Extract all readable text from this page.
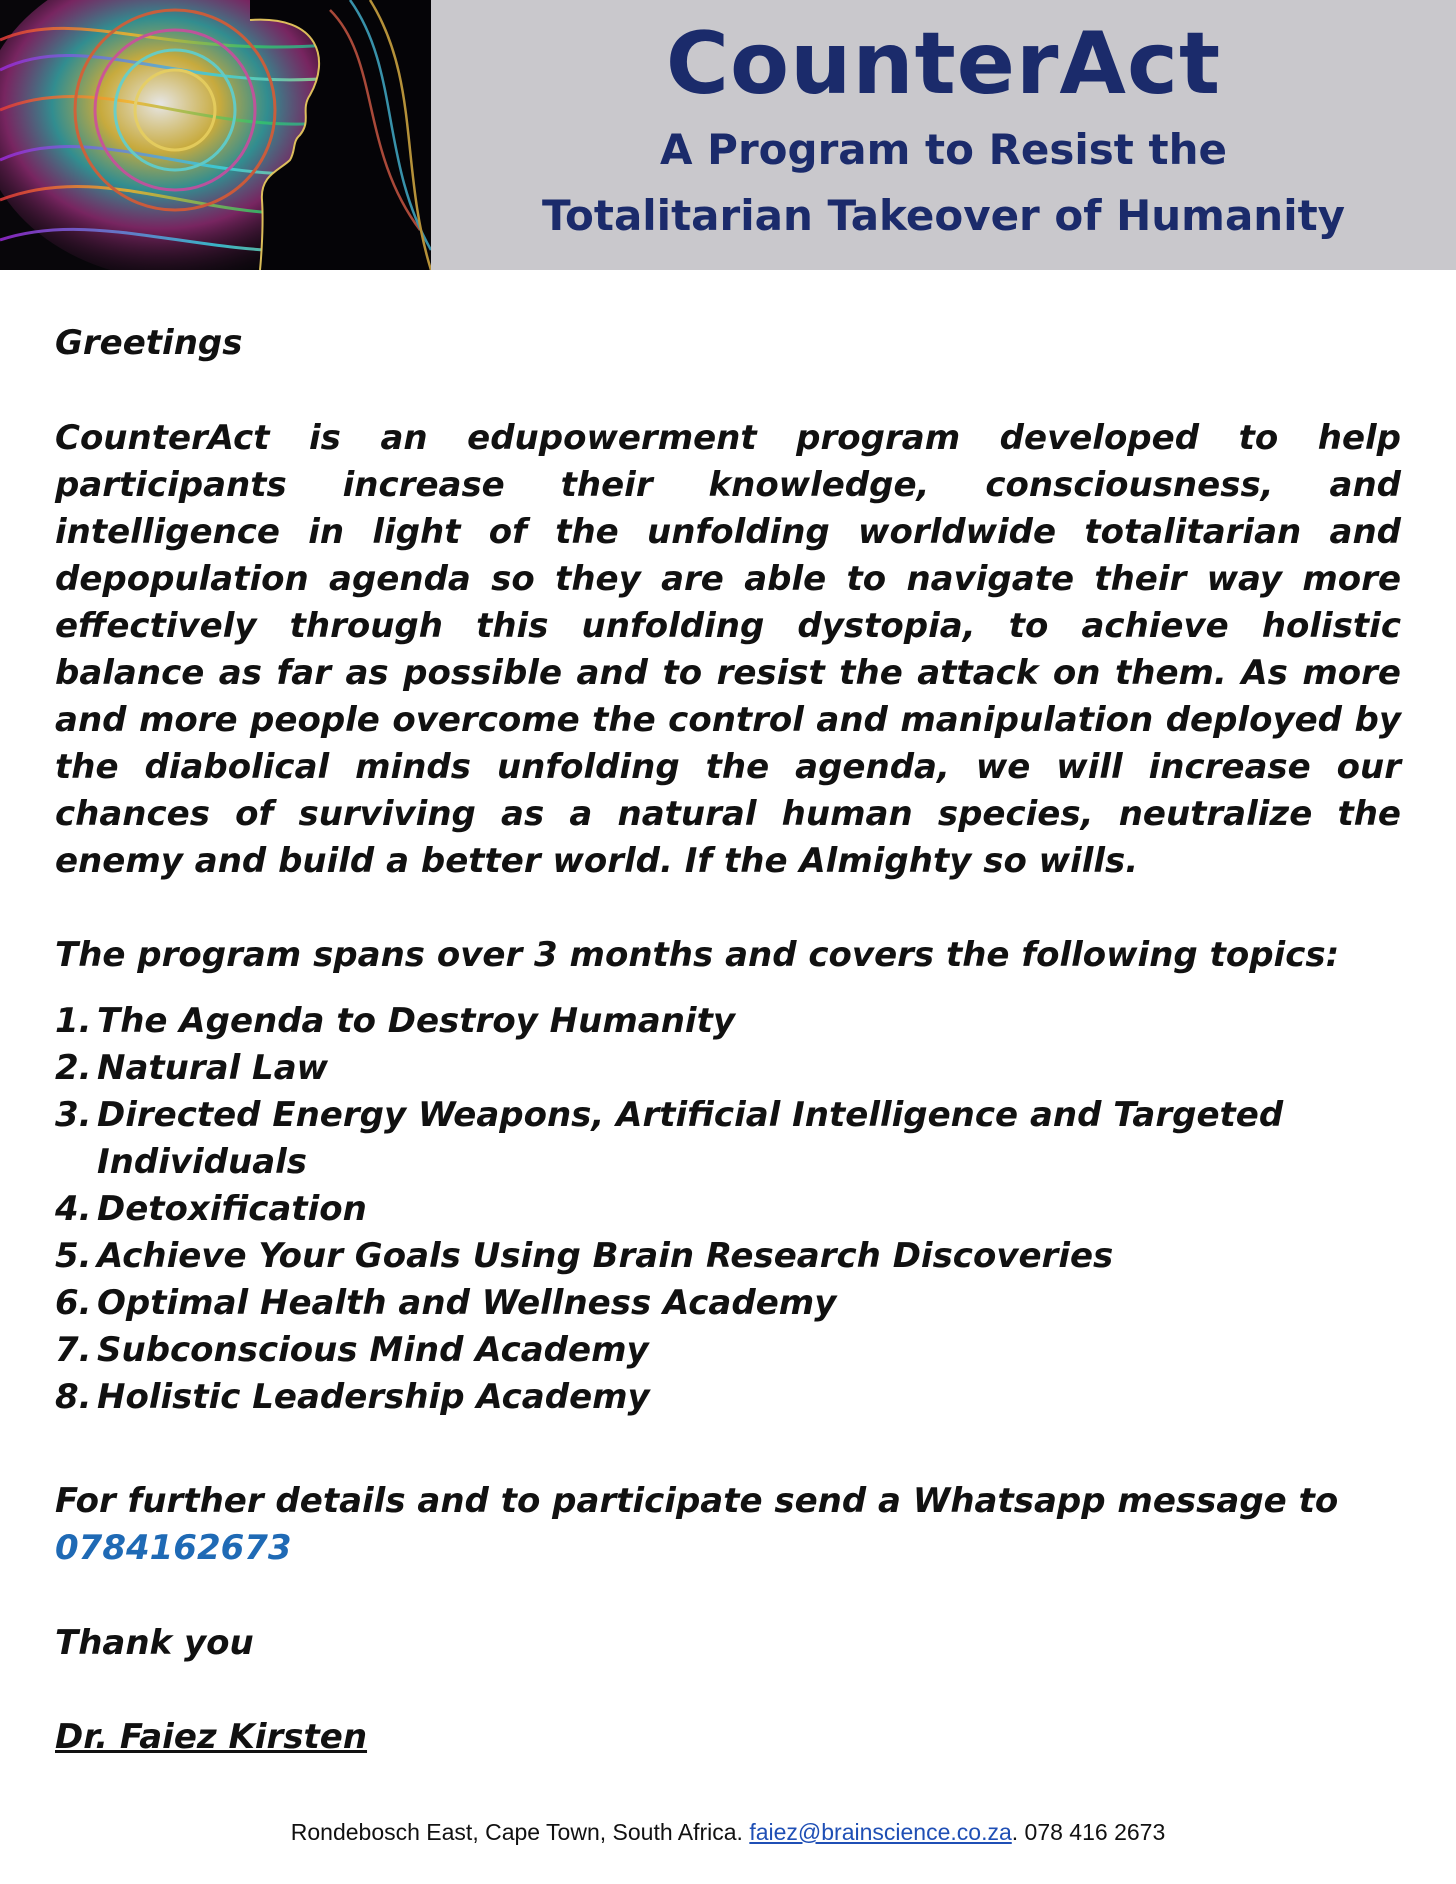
CounterAct
A Program to Resist the
Totalitarian Takeover of Humanity
Greetings
CounterAct is an edupowerment program developed to help participants increase their knowledge, consciousness, and intelligence in light of the unfolding worldwide totalitarian and depopulation agenda so they are able to navigate their way more effectively through this unfolding dystopia, to achieve holistic balance as far as possible and to resist the attack on them. As more and more people overcome the control and manipulation deployed by the diabolical minds unfolding the agenda, we will increase our chances of surviving as a natural human species, neutralize the enemy and build a better world. If the Almighty so wills.
The program spans over 3 months and covers the following topics:
1. The Agenda to Destroy Humanity
2. Natural Law
3. Directed Energy Weapons, Artificial Intelligence and Targeted Individuals
4. Detoxification
5. Achieve Your Goals Using Brain Research Discoveries
6. Optimal Health and Wellness Academy
7. Subconscious Mind Academy
8. Holistic Leadership Academy
For further details and to participate send a Whatsapp message to
0784162673
Thank you
Dr. Faiez Kirsten
Rondebosch East, Cape Town, South Africa. faiez@brainscience.co.za. 078 416 2673
